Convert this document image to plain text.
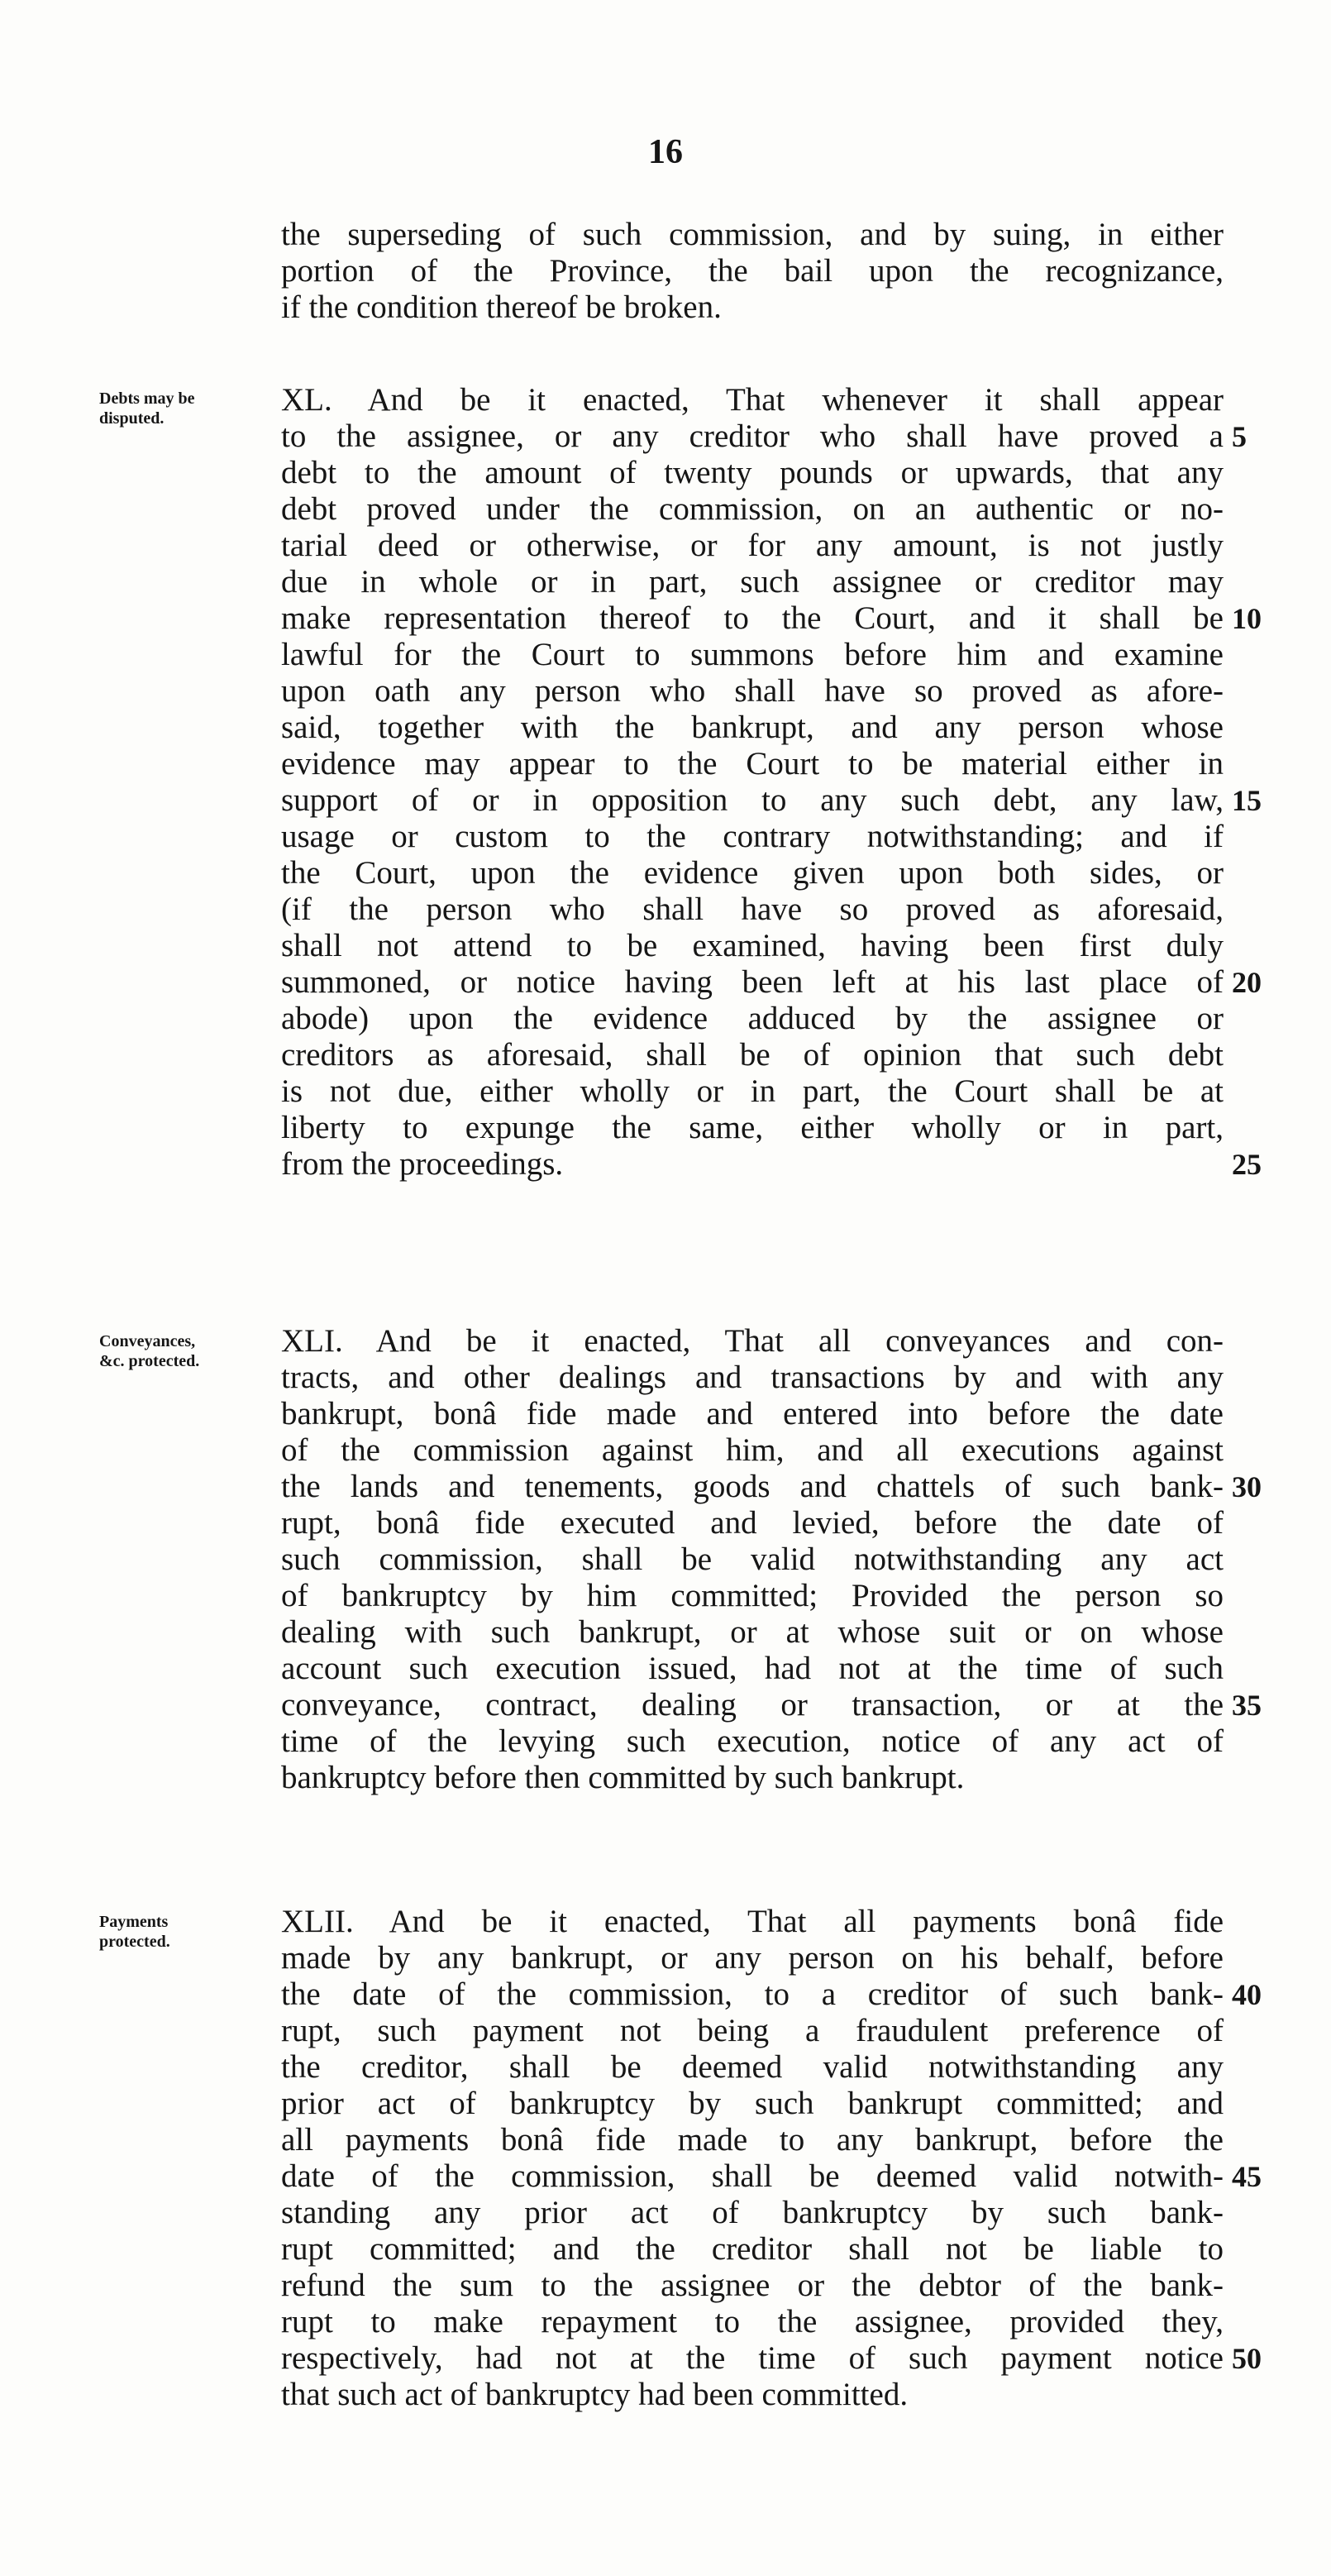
16
the superseding of such commission, and by suing, in either
portion of the Province, the bail upon the recognizance,
if the condition thereof be broken.
Debts may be
disputed.
XL. And be it enacted, That whenever it shall appear
to the assignee, or any creditor who shall have proved a
debt to the amount of twenty pounds or upwards, that any
debt proved under the commission, on an authentic or no-
tarial deed or otherwise, or for any amount, is not justly
due in whole or in part, such assignee or creditor may
make representation thereof to the Court, and it shall be
lawful for the Court to summons before him and examine
upon oath any person who shall have so proved as afore-
said, together with the bankrupt, and any person whose
evidence may appear to the Court to be material either in
support of or in opposition to any such debt, any law,
usage or custom to the contrary notwithstanding; and if
the Court, upon the evidence given upon both sides, or
(if the person who shall have so proved as aforesaid,
shall not attend to be examined, having been first duly
summoned, or notice having been left at his last place of
abode) upon the evidence adduced by the assignee or
creditors as aforesaid, shall be of opinion that such debt
is not due, either wholly or in part, the Court shall be at
liberty to expunge the same, either wholly or in part,
from the proceedings.
Conveyances,
&c. protected.
XLI. And be it enacted, That all conveyances and con-
tracts, and other dealings and transactions by and with any
bankrupt, bonâ fide made and entered into before the date
of the commission against him, and all executions against
the lands and tenements, goods and chattels of such bank-
rupt, bonâ fide executed and levied, before the date of
such commission, shall be valid notwithstanding any act
of bankruptcy by him committed; Provided the person so
dealing with such bankrupt, or at whose suit or on whose
account such execution issued, had not at the time of such
conveyance, contract, dealing or transaction, or at the
time of the levying such execution, notice of any act of
bankruptcy before then committed by such bankrupt.
Payments
protected.
XLII. And be it enacted, That all payments bonâ fide
made by any bankrupt, or any person on his behalf, before
the date of the commission, to a creditor of such bank-
rupt, such payment not being a fraudulent preference of
the creditor, shall be deemed valid notwithstanding any
prior act of bankruptcy by such bankrupt committed; and
all payments bonâ fide made to any bankrupt, before the
date of the commission, shall be deemed valid notwith-
standing any prior act of bankruptcy by such bank-
rupt committed; and the creditor shall not be liable to
refund the sum to the assignee or the debtor of the bank-
rupt to make repayment to the assignee, provided they,
respectively, had not at the time of such payment notice
that such act of bankruptcy had been committed.
5
10
15
20
25
30
35
40
45
50
